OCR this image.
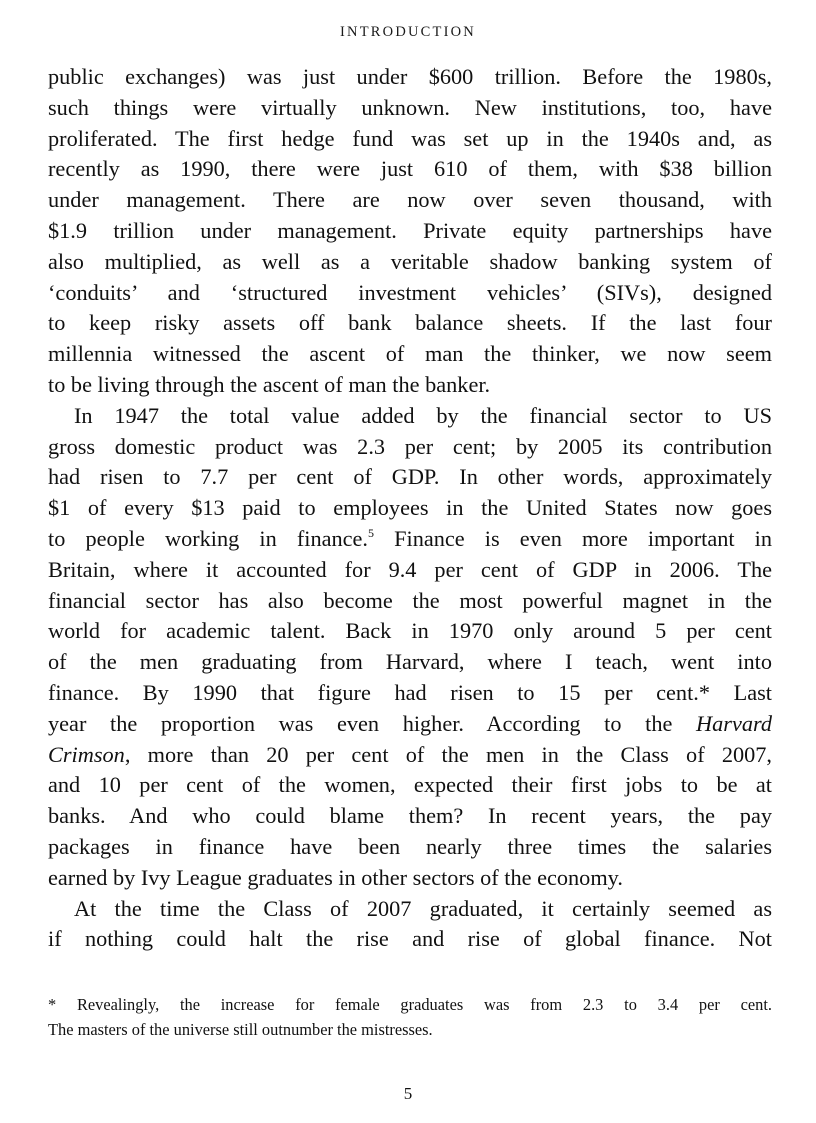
INTRODUCTION

public exchanges) was just under $600 trillion. Before the 1980s,
such things were virtually unknown. New institutions, too, have
proliferated. The first hedge fund was set up in the 1940s and, as
recently as 1990, there were just 610 of them, with $38 billion
under management. There are now over seven thousand, with
$1.9 trillion under management. Private equity partnerships have
also multiplied, as well as a veritable shadow banking system of
‘conduits’ and ‘structured investment vehicles’ (SIVs), designed
to keep risky assets off bank balance sheets. If the last four
millennia witnessed the ascent of man the thinker, we now seem
to be living through the ascent of man the banker.

In 1947 the total value added by the financial sector to US
gross domestic product was 2.3 per cent; by 2005 its contribution
had risen to 7.7 per cent of GDP. In other words, approximately
$1 of every $13 paid to employees in the United States now goes
to people working in finance.$^5$ Finance is even more important in
Britain, where it accounted for 9.4 per cent of GDP in 2006. The
financial sector has also become the most powerful magnet in the
world for academic talent. Back in 1970 only around 5 per cent
of the men graduating from Harvard, where I teach, went into
finance. By 1990 that figure had risen to 15 per cent.* Last
year the proportion was even higher. According to the Harvard
Crimson, more than 20 per cent of the men in the Class of 2007,
and 10 per cent of the women, expected their first jobs to be at
banks. And who could blame them? In recent years, the pay
packages in finance have been nearly three times the salaries
earned by Ivy League graduates in other sectors of the economy.

At the time the Class of 2007 graduated, it certainly seemed as
if nothing could halt the rise and rise of global finance. Not

* Revealingly, the increase for female graduates was from 2.3 to 3.4 per cent.
The masters of the universe still outnumber the mistresses.
5
